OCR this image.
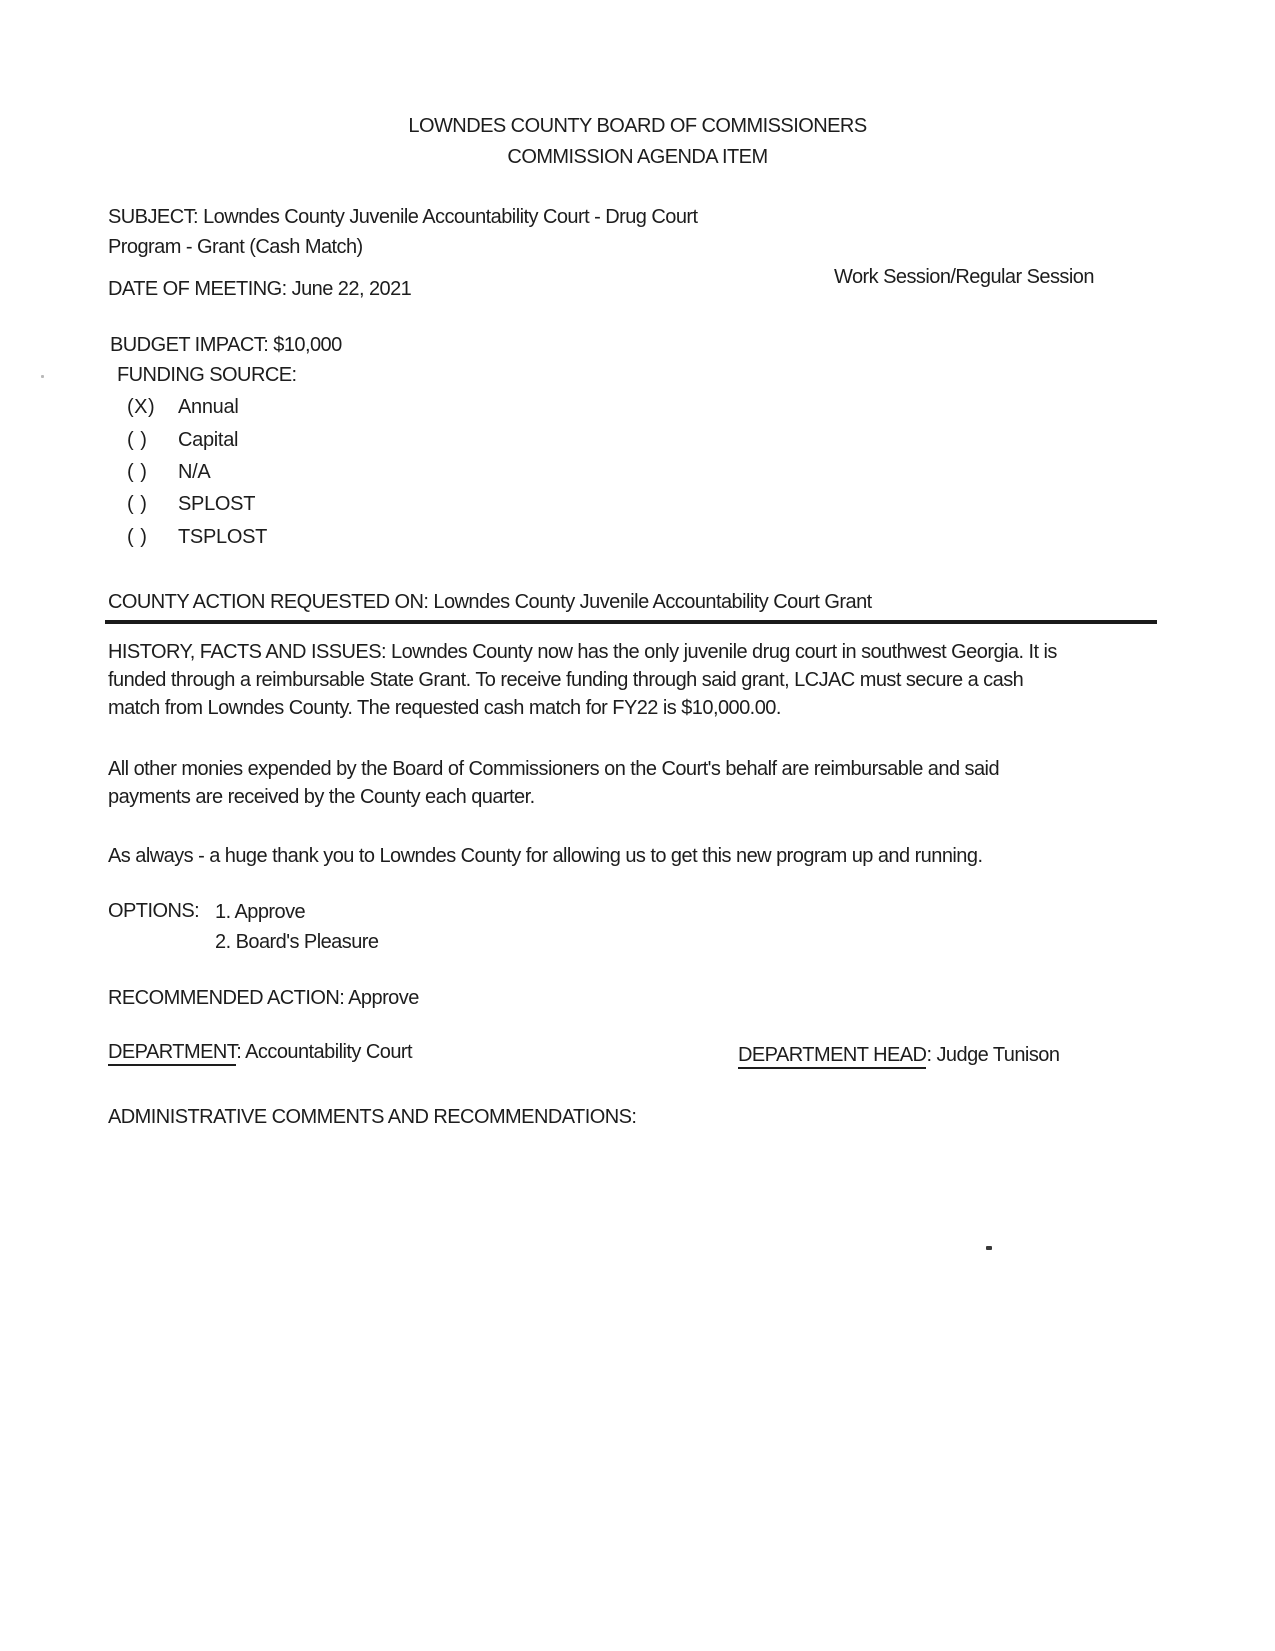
LOWNDES COUNTY BOARD OF COMMISSIONERS
COMMISSION AGENDA ITEM
SUBJECT: Lowndes County Juvenile Accountability Court - Drug Court
Program - Grant (Cash Match)
DATE OF MEETING: June 22, 2021
Work Session/Regular Session
BUDGET IMPACT: $10,000
FUNDING SOURCE:
(X)	Annual
( )	Capital
( )	N/A
( )	SPLOST
( )	TSPLOST
COUNTY ACTION REQUESTED ON: Lowndes County Juvenile Accountability Court Grant
HISTORY, FACTS AND ISSUES: Lowndes County now has the only juvenile drug court in southwest Georgia. It is
funded through a reimbursable State Grant. To receive funding through said grant, LCJAC must secure a cash
match from Lowndes County. The requested cash match for FY22 is $10,000.00.
All other monies expended by the Board of Commissioners on the Court's behalf are reimbursable and said
payments are received by the County each quarter.
As always - a huge thank you to Lowndes County for allowing us to get this new program up and running.
OPTIONS: 1. Approve
2. Board's Pleasure
RECOMMENDED ACTION: Approve
DEPARTMENT: Accountability Court	DEPARTMENT HEAD: Judge Tunison
ADMINISTRATIVE COMMENTS AND RECOMMENDATIONS:
